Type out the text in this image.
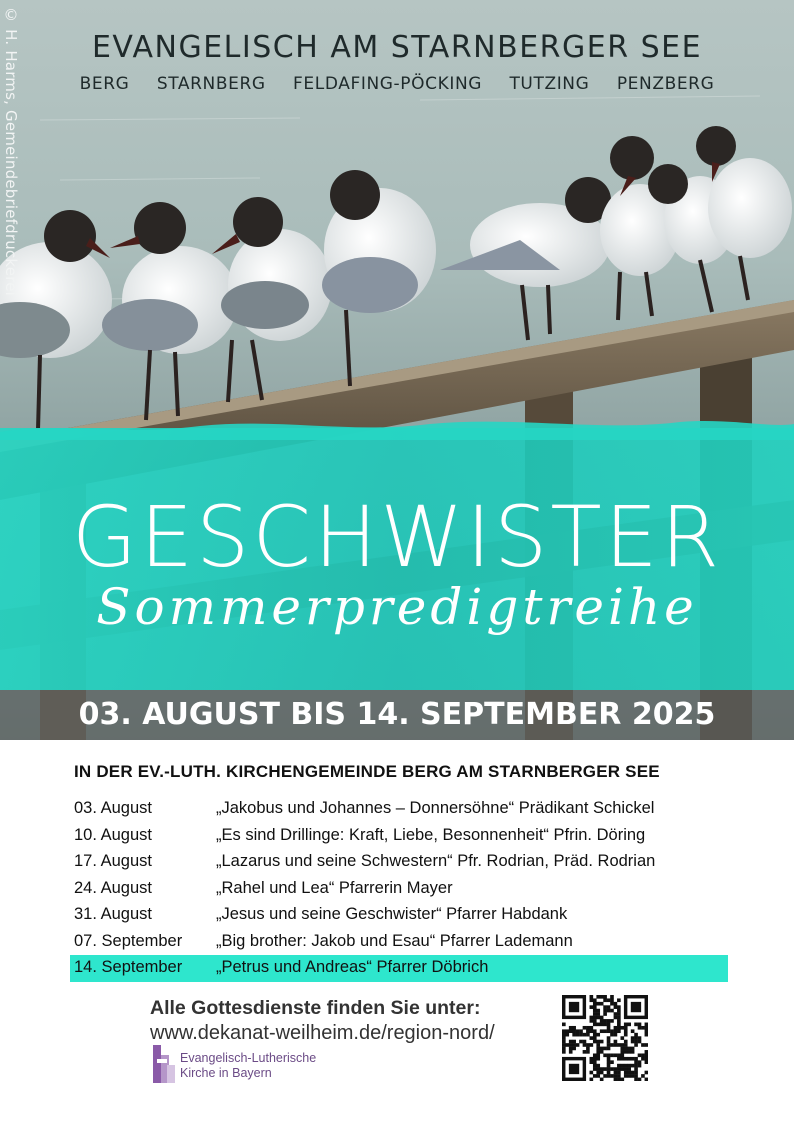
© H. Harms, Gemeindebriefdruckerei	EVANGELISCH AM STARNBERGER SEE
BERG STARNBERG FELDAFING-PÖCKING TUTZING PENZBERG
GESCHWISTER
Sommerpredigtreihe
03. AUGUST BIS 14. SEPTEMBER 2025
IN DER EV.-LUTH. KIRCHENGEMEINDE BERG AM STARNBERGER SEE
03. August	„Jakobus und Johannes – Donnersöhne“ Prädikant Schickel
10. August	„Es sind Drillinge: Kraft, Liebe, Besonnenheit“ Pfrin. Döring
17. August	„Lazarus und seine Schwestern“ Pfr. Rodrian, Präd. Rodrian
24. August	„Rahel und Lea“ Pfarrerin Mayer
31. August	„Jesus und seine Geschwister“ Pfarrer Habdank
07. September „Big brother: Jakob und Esau“ Pfarrer Lademann
14. September „Petrus und Andreas“ Pfarrer Döbrich
Alle Gottesdienste finden Sie unter:
www.dekanat-weilheim.de/region-nord/
Evangelisch-Lutherische
Kirche in Bayern
